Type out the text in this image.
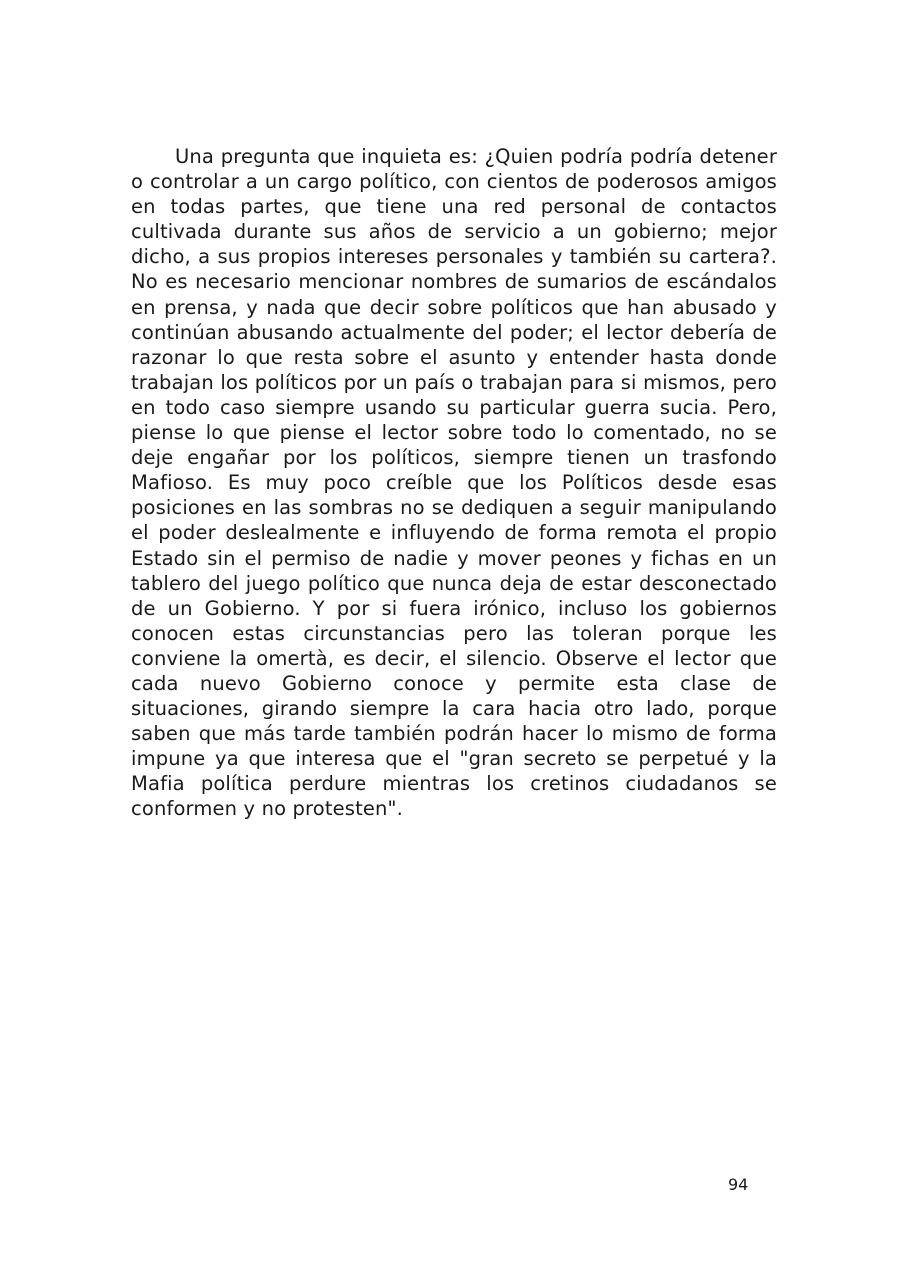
Una pregunta que inquieta es: ¿Quien podría podría detener o controlar a un cargo político, con cientos de poderosos amigos en todas partes, que tiene una red personal de contactos cultivada durante sus años de servicio a un gobierno; mejor dicho, a sus propios intereses personales y también su cartera?. No es necesario mencionar nombres de sumarios de escándalos en prensa, y nada que decir sobre políticos que han abusado y continúan abusando actualmente del poder; el lector debería de razonar lo que resta sobre el asunto y entender hasta donde trabajan los políticos por un país o trabajan para si mismos, pero en todo caso siempre usando su particular guerra sucia. Pero, piense lo que piense el lector sobre todo lo comentado, no se deje engañar por los políticos, siempre tienen un trasfondo Mafioso. Es muy poco creíble que los Políticos desde esas posiciones en las sombras no se dediquen a seguir manipulando el poder deslealmente e influyendo de forma remota el propio Estado sin el permiso de nadie y mover peones y fichas en un tablero del juego político que nunca deja de estar desconectado de un Gobierno. Y por si fuera irónico, incluso los gobiernos conocen estas circunstancias pero las toleran porque les conviene la omertà, es decir, el silencio. Observe el lector que cada nuevo Gobierno conoce y permite esta clase de situaciones, girando siempre la cara hacia otro lado, porque saben que más tarde también podrán hacer lo mismo de forma impune ya que interesa que el "gran secreto se perpetué y la Mafia política perdure mientras los cretinos ciudadanos se conformen y no protesten".

94
